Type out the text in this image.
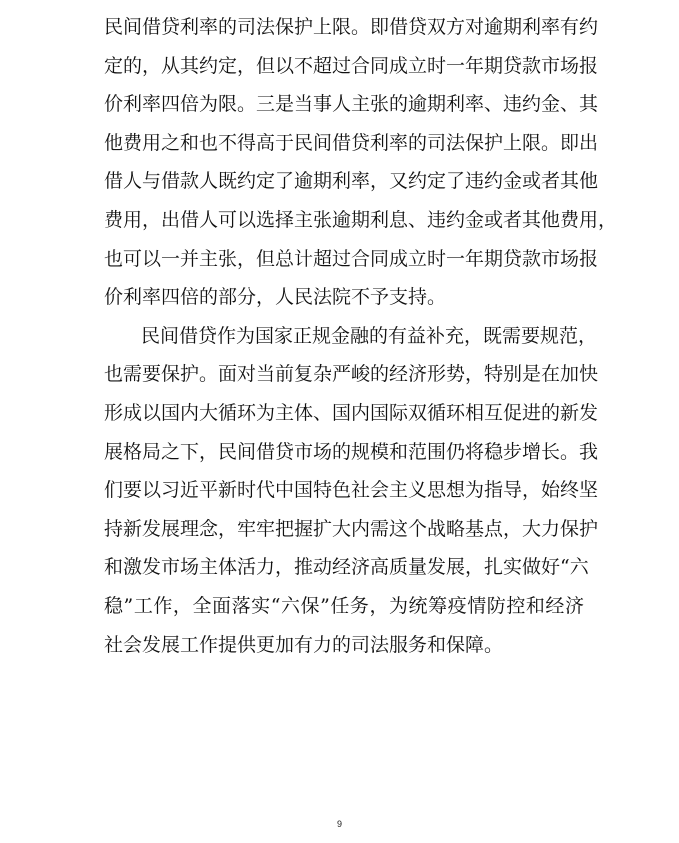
民间借贷利率的司法保护上限。即借贷双方对逾期利率有约
定的，从其约定，但以不超过合同成立时一年期贷款市场报
价利率四倍为限。三是当事人主张的逾期利率、违约金、其
他费用之和也不得高于民间借贷利率的司法保护上限。即出
借人与借款人既约定了逾期利率，又约定了违约金或者其他
费用，出借人可以选择主张逾期利息、违约金或者其他费用，
也可以一并主张，但总计超过合同成立时一年期贷款市场报
价利率四倍的部分，人民法院不予支持。
民间借贷作为国家正规金融的有益补充，既需要规范，
也需要保护。面对当前复杂严峻的经济形势，特别是在加快
形成以国内大循环为主体、国内国际双循环相互促进的新发
展格局之下，民间借贷市场的规模和范围仍将稳步增长。我
们要以习近平新时代中国特色社会主义思想为指导，始终坚
持新发展理念，牢牢把握扩大内需这个战略基点，大力保护
和激发市场主体活力，推动经济高质量发展，扎实做好“六
稳”工作，全面落实“六保”任务，为统筹疫情防控和经济
社会发展工作提供更加有力的司法服务和保障。
9
